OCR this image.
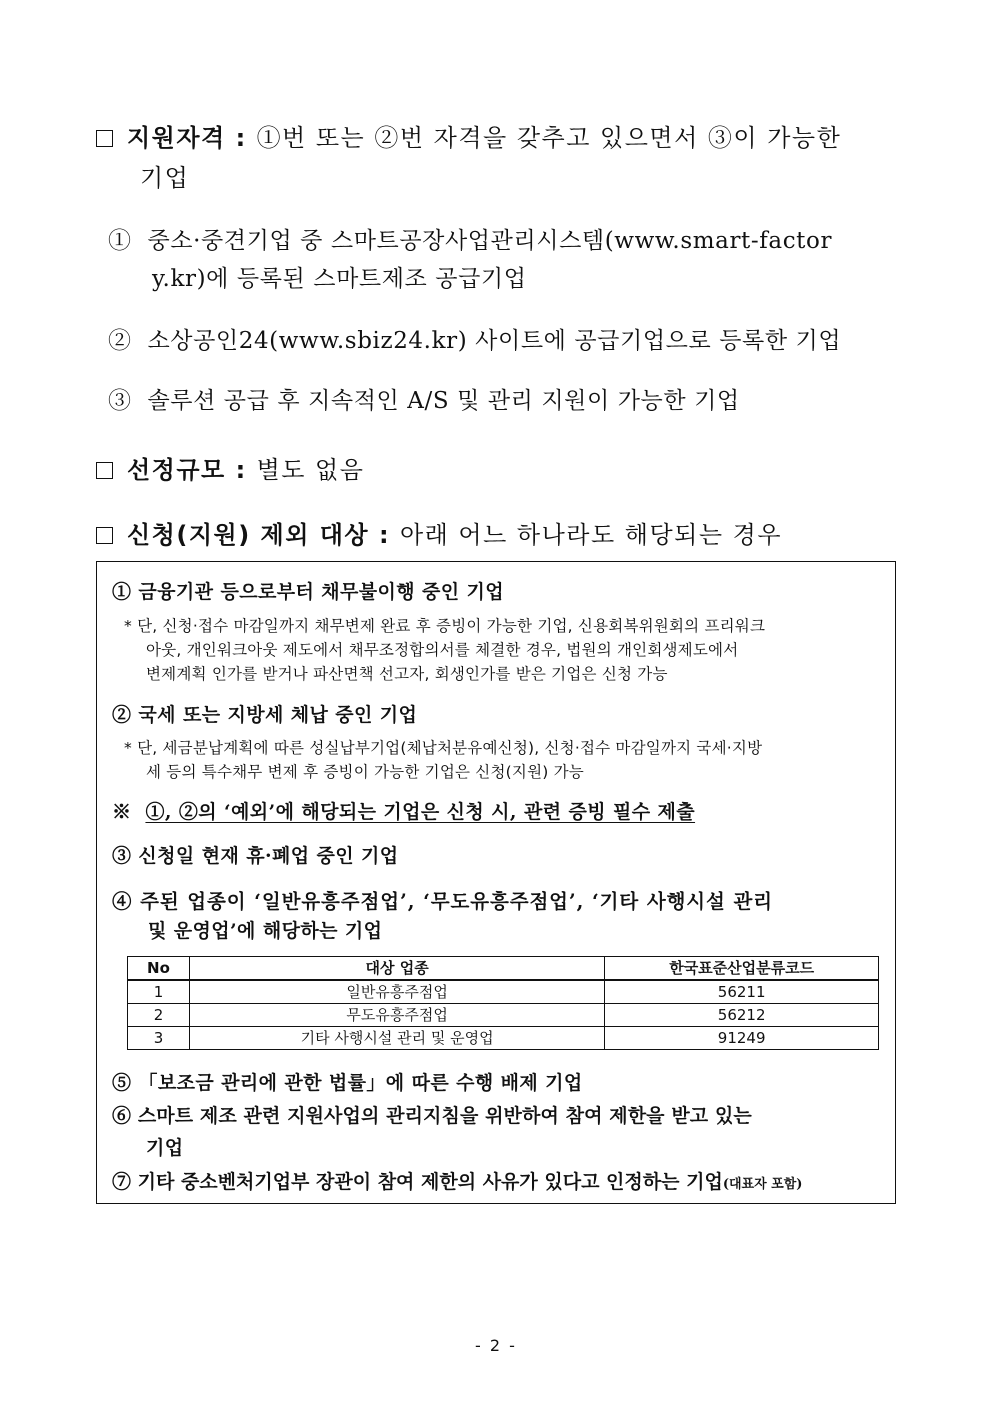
지원자격 : ①번 또는 ②번 자격을 갖추고 있으면서 ③이 가능한
기업
① 중소·중견기업 중 스마트공장사업관리시스템(www.smart-factor
y.kr)에 등록된 스마트제조 공급기업
② 소상공인24(www.sbiz24.kr) 사이트에 공급기업으로 등록한 기업
③ 솔루션 공급 후 지속적인 A/S 및 관리 지원이 가능한 기업
선정규모 : 별도 없음
신청(지원) 제외 대상 : 아래 어느 하나라도 해당되는 경우
① 금융기관 등으로부터 채무불이행 중인 기업
* 단, 신청·접수 마감일까지 채무변제 완료 후 증빙이 가능한 기업, 신용회복위원회의 프리워크
아웃, 개인워크아웃 제도에서 채무조정합의서를 체결한 경우, 법원의 개인회생제도에서
변제계획 인가를 받거나 파산면책 선고자, 회생인가를 받은 기업은 신청 가능
② 국세 또는 지방세 체납 중인 기업
* 단, 세금분납계획에 따른 성실납부기업(체납처분유예신청), 신청·접수 마감일까지 국세·지방
세 등의 특수채무 변제 후 증빙이 가능한 기업은 신청(지원) 가능
※ ①, ②의 ‘예외’에 해당되는 기업은 신청 시, 관련 증빙 필수 제출
③ 신청일 현재 휴·폐업 중인 기업
④ 주된 업종이 ‘일반유흥주점업’, ‘무도유흥주점업’, ‘기타 사행시설 관리
및 운영업’에 해당하는 기업
No	대상 업종	한국표준산업분류코드
1	일반유흥주점업	56211
2	무도유흥주점업	56212
3	기타 사행시설 관리 및 운영업	91249
⑤ 「보조금 관리에 관한 법률」에 따른 수행 배제 기업
⑥ 스마트 제조 관련 지원사업의 관리지침을 위반하여 참여 제한을 받고 있는
기업
⑦ 기타 중소벤처기업부 장관이 참여 제한의 사유가 있다고 인정하는 기업(대표자 포함)
- 2 -
